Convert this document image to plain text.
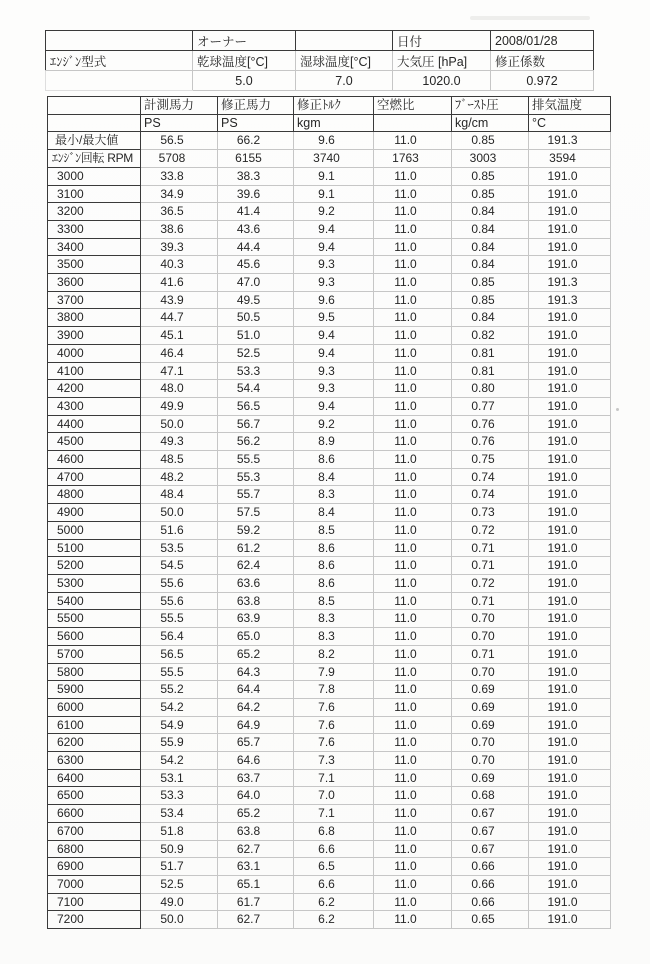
	オーナー		日付	2008/01/28
ｴﾝｼﾞﾝ型式	乾球温度[°C]	湿球温度[°C]	大気圧 [hPa]	修正係数
	5.0	7.0	1020.0	0.972
	計測馬力	修正馬力	修正ﾄﾙｸ	空燃比	ﾌﾞｰｽﾄ圧	排気温度
	PS	PS	kgm		kg/cm	°C
最小/最大値	56.5	66.2	9.6	11.0	0.85	191.3
ｴﾝｼﾞﾝ回転 RPM	5708	6155	3740	1763	3003	3594
3000	33.8	38.3	9.1	11.0	0.85	191.0
3100	34.9	39.6	9.1	11.0	0.85	191.0
3200	36.5	41.4	9.2	11.0	0.84	191.0
3300	38.6	43.6	9.4	11.0	0.84	191.0
3400	39.3	44.4	9.4	11.0	0.84	191.0
3500	40.3	45.6	9.3	11.0	0.84	191.0
3600	41.6	47.0	9.3	11.0	0.85	191.3
3700	43.9	49.5	9.6	11.0	0.85	191.3
3800	44.7	50.5	9.5	11.0	0.84	191.0
3900	45.1	51.0	9.4	11.0	0.82	191.0
4000	46.4	52.5	9.4	11.0	0.81	191.0
4100	47.1	53.3	9.3	11.0	0.81	191.0
4200	48.0	54.4	9.3	11.0	0.80	191.0
4300	49.9	56.5	9.4	11.0	0.77	191.0
4400	50.0	56.7	9.2	11.0	0.76	191.0
4500	49.3	56.2	8.9	11.0	0.76	191.0
4600	48.5	55.5	8.6	11.0	0.75	191.0
4700	48.2	55.3	8.4	11.0	0.74	191.0
4800	48.4	55.7	8.3	11.0	0.74	191.0
4900	50.0	57.5	8.4	11.0	0.73	191.0
5000	51.6	59.2	8.5	11.0	0.72	191.0
5100	53.5	61.2	8.6	11.0	0.71	191.0
5200	54.5	62.4	8.6	11.0	0.71	191.0
5300	55.6	63.6	8.6	11.0	0.72	191.0
5400	55.6	63.8	8.5	11.0	0.71	191.0
5500	55.5	63.9	8.3	11.0	0.70	191.0
5600	56.4	65.0	8.3	11.0	0.70	191.0
5700	56.5	65.2	8.2	11.0	0.71	191.0
5800	55.5	64.3	7.9	11.0	0.70	191.0
5900	55.2	64.4	7.8	11.0	0.69	191.0
6000	54.2	64.2	7.6	11.0	0.69	191.0
6100	54.9	64.9	7.6	11.0	0.69	191.0
6200	55.9	65.7	7.6	11.0	0.70	191.0
6300	54.2	64.6	7.3	11.0	0.70	191.0
6400	53.1	63.7	7.1	11.0	0.69	191.0
6500	53.3	64.0	7.0	11.0	0.68	191.0
6600	53.4	65.2	7.1	11.0	0.67	191.0
6700	51.8	63.8	6.8	11.0	0.67	191.0
6800	50.9	62.7	6.6	11.0	0.67	191.0
6900	51.7	63.1	6.5	11.0	0.66	191.0
7000	52.5	65.1	6.6	11.0	0.66	191.0
7100	49.0	61.7	6.2	11.0	0.66	191.0
7200	50.0	62.7	6.2	11.0	0.65	191.0
